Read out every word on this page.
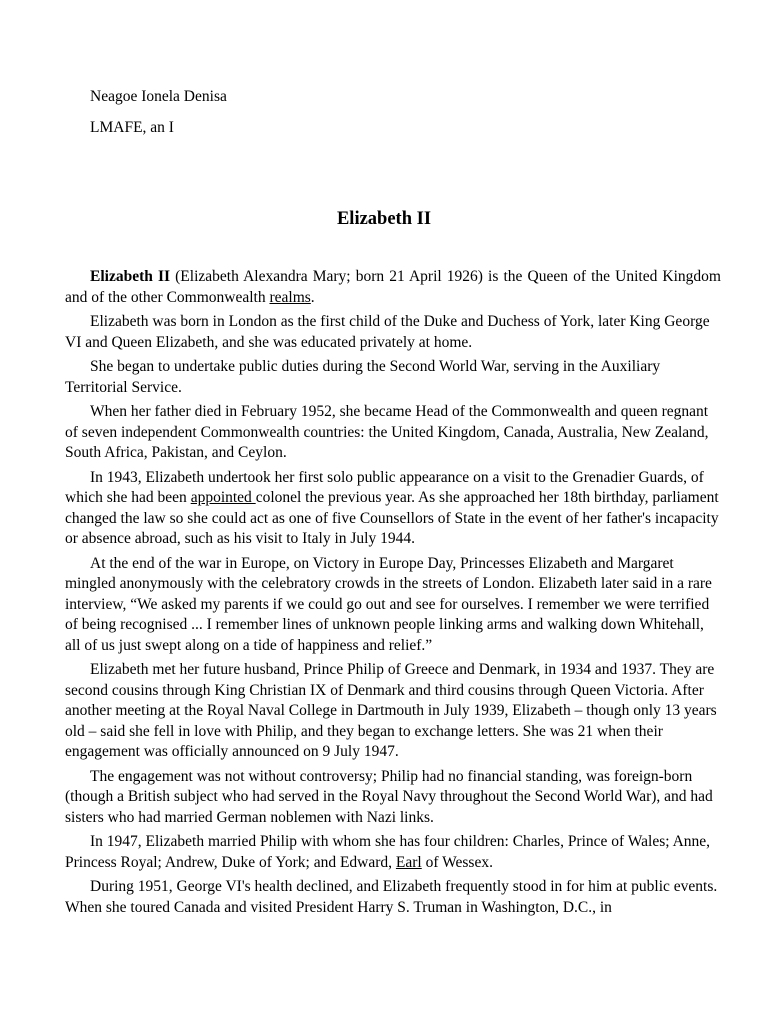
Neagoe Ionela Denisa
LMAFE, an I
Elizabeth II

Elizabeth II (Elizabeth Alexandra Mary; born 21 April 1926) is the Queen of the United Kingdom and of the other Commonwealth realms.

Elizabeth was born in London as the first child of the Duke and Duchess of York, later King George VI and Queen Elizabeth, and she was educated privately at home.

She began to undertake public duties during the Second World War, serving in the Auxiliary Territorial Service.

When her father died in February 1952, she became Head of the Commonwealth and queen regnant of seven independent Commonwealth countries: the United Kingdom, Canada, Australia, New Zealand, South Africa, Pakistan, and Ceylon.

In 1943, Elizabeth undertook her first solo public appearance on a visit to the Grenadier Guards, of which she had been appointed colonel the previous year. As she approached her 18th birthday, parliament changed the law so she could act as one of five Counsellors of State in the event of her father's incapacity or absence abroad, such as his visit to Italy in July 1944.

At the end of the war in Europe, on Victory in Europe Day, Princesses Elizabeth and Margaret mingled anonymously with the celebratory crowds in the streets of London. Elizabeth later said in a rare interview, “We asked my parents if we could go out and see for ourselves. I remember we were terrified of being recognised ... I remember lines of unknown people linking arms and walking down Whitehall, all of us just swept along on a tide of happiness and relief.”

Elizabeth met her future husband, Prince Philip of Greece and Denmark, in 1934 and 1937. They are second cousins through King Christian IX of Denmark and third cousins through Queen Victoria. After another meeting at the Royal Naval College in Dartmouth in July 1939, Elizabeth – though only 13 years old – said she fell in love with Philip, and they began to exchange letters. She was 21 when their engagement was officially announced on 9 July 1947.

The engagement was not without controversy; Philip had no financial standing, was foreign-born (though a British subject who had served in the Royal Navy throughout the Second World War), and had sisters who had married German noblemen with Nazi links.

In 1947, Elizabeth married Philip with whom she has four children: Charles, Prince of Wales; Anne, Princess Royal; Andrew, Duke of York; and Edward, Earl of Wessex.

During 1951, George VI's health declined, and Elizabeth frequently stood in for him at public events. When she toured Canada and visited President Harry S. Truman in Washington, D.C., in
